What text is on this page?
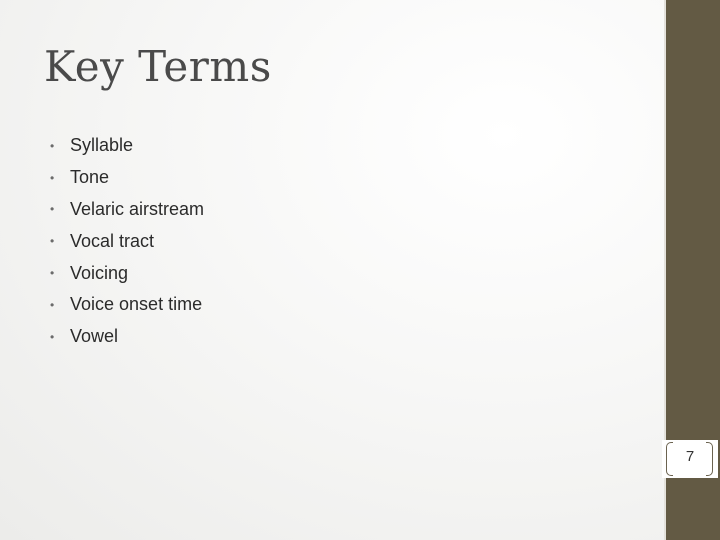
Key Terms
• Syllable
• Tone
• Velaric airstream
• Vocal tract
• Voicing
• Voice onset time
• Vowel
7
